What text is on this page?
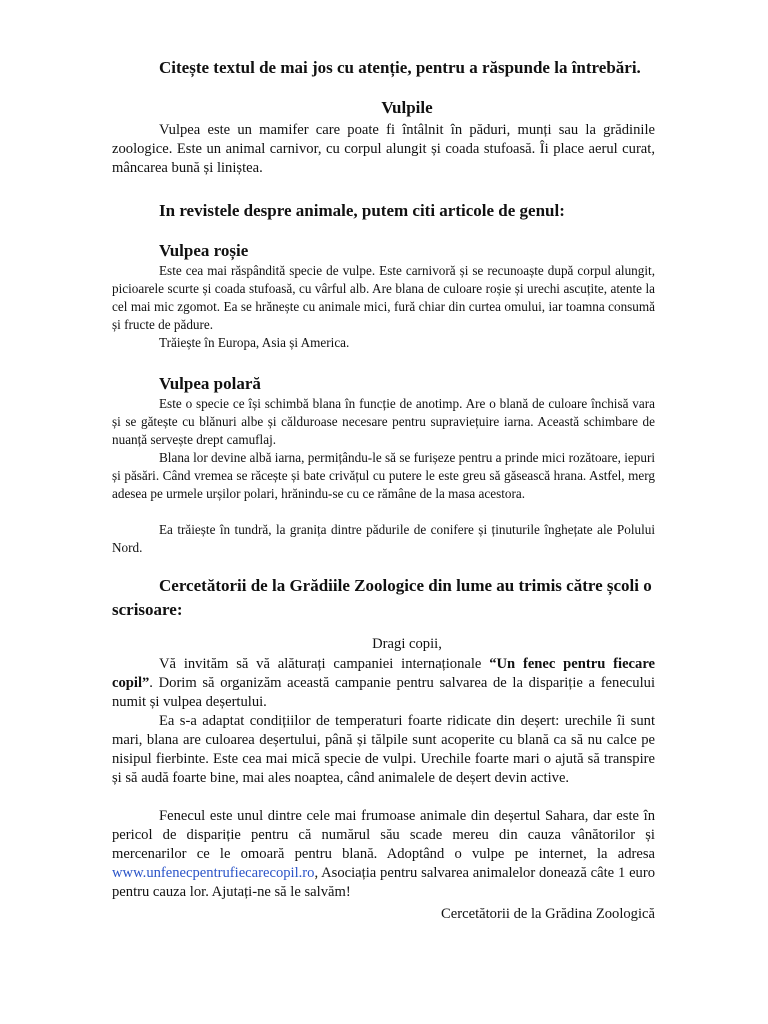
Citește textul de mai jos cu atenție, pentru a răspunde la întrebări.
Vulpile
Vulpea este un mamifer care poate fi întâlnit în păduri, munți sau la grădinile zoologice. Este un animal carnivor, cu corpul alungit și coada stufoasă. Îi place aerul curat, mâncarea bună și liniștea.
In revistele despre animale, putem citi articole de genul:
Vulpea roșie
Este cea mai răspândită specie de vulpe. Este carnivoră și se recunoaște după corpul alungit, picioarele scurte și coada stufoasă, cu vârful alb. Are blana de culoare roșie și urechi ascuțite, atente la cel mai mic zgomot. Ea se hrănește cu animale mici, fură chiar din curtea omului, iar toamna consumă și fructe de pădure.
Trăiește în Europa, Asia și America.
Vulpea polară
Este o specie ce își schimbă blana în funcție de anotimp. Are o blană de culoare închisă vara și se gătește cu blănuri albe și călduroase necesare pentru supraviețuire iarna. Această schimbare de nuanță servește drept camuflaj.
Blana lor devine albă iarna, permițându-le să se furișeze pentru a prinde mici rozătoare, iepuri și păsări. Când vremea se răcește și bate crivățul cu putere le este greu să găsească hrana. Astfel, merg adesea pe urmele urșilor polari, hrănindu-se cu ce rămâne de la masa acestora.
Ea trăiește în tundră, la granița dintre pădurile de conifere și ținuturile înghețate ale Polului Nord.
Cercetătorii de la Grădiile Zoologice din lume au trimis către școli o scrisoare:
Dragi copii,
Vă invităm să vă alăturați campaniei internaționale “Un fenec pentru fiecare copil”. Dorim să organizăm această campanie pentru salvarea de la dispariție a fenecului numit și vulpea deșertului.
Ea s-a adaptat condițiilor de temperaturi foarte ridicate din deșert: urechile îi sunt mari, blana are culoarea deșertului, până și tălpile sunt acoperite cu blană ca să nu calce pe nisipul fierbinte. Este cea mai mică specie de vulpi. Urechile foarte mari o ajută să transpire și să audă foarte bine, mai ales noaptea, când animalele de deșert devin active.
Fenecul este unul dintre cele mai frumoase animale din deșertul Sahara, dar este în pericol de dispariție pentru că numărul său scade mereu din cauza vânătorilor și mercenarilor ce le omoară pentru blană. Adoptând o vulpe pe internet, la adresa www.unfenecpentrufiecarecopil.ro, Asociația pentru salvarea animalelor donează câte 1 euro pentru cauza lor. Ajutați-ne să le salvăm!
Cercetătorii de la Grădina Zoologică
